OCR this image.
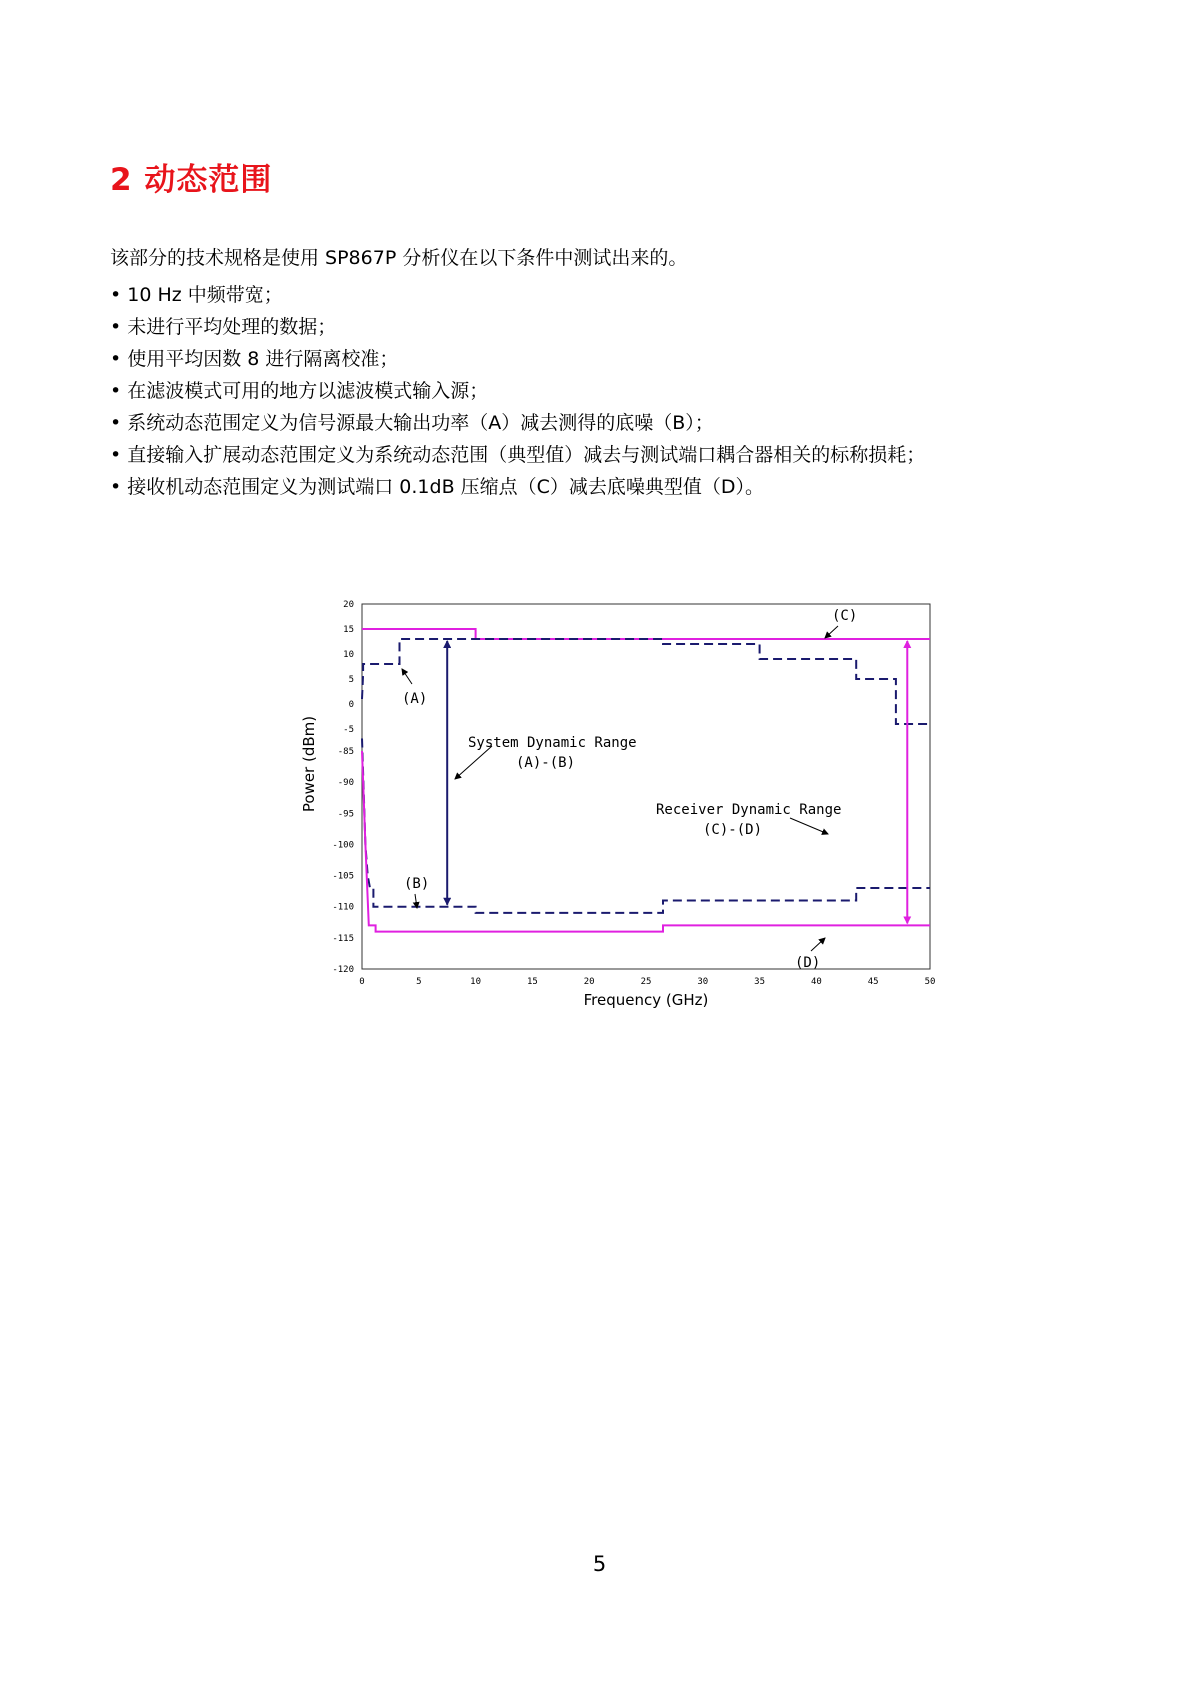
2 动态范围

该部分的技术规格是使用 SP867P 分析仪在以下条件中测试出来的。

• 10 Hz 中频带宽；
• 未进行平均处理的数据；
• 使用平均因数 8 进行隔离校准；
• 在滤波模式可用的地方以滤波模式输入源；
• 系统动态范围定义为信号源最大输出功率（A）减去测得的底噪（B）；
• 直接输入扩展动态范围定义为系统动态范围（典型值）减去与测试端口耦合器相关的标称损耗；
• 接收机动态范围定义为测试端口 0.1dB 压缩点（C）减去底噪典型值（D）。
20
15
10
5
0
-5
-85
-90
-95
-100
-105
-110
-115
-120
0	5	10	15	20	25	30	35	40	45	50
Power (dBm)
Frequency (GHz)
(C)
(A)
(B)
(D)
System Dynamic Range
(A)-(B)
Receiver Dynamic Range
(C)-(D)

5
